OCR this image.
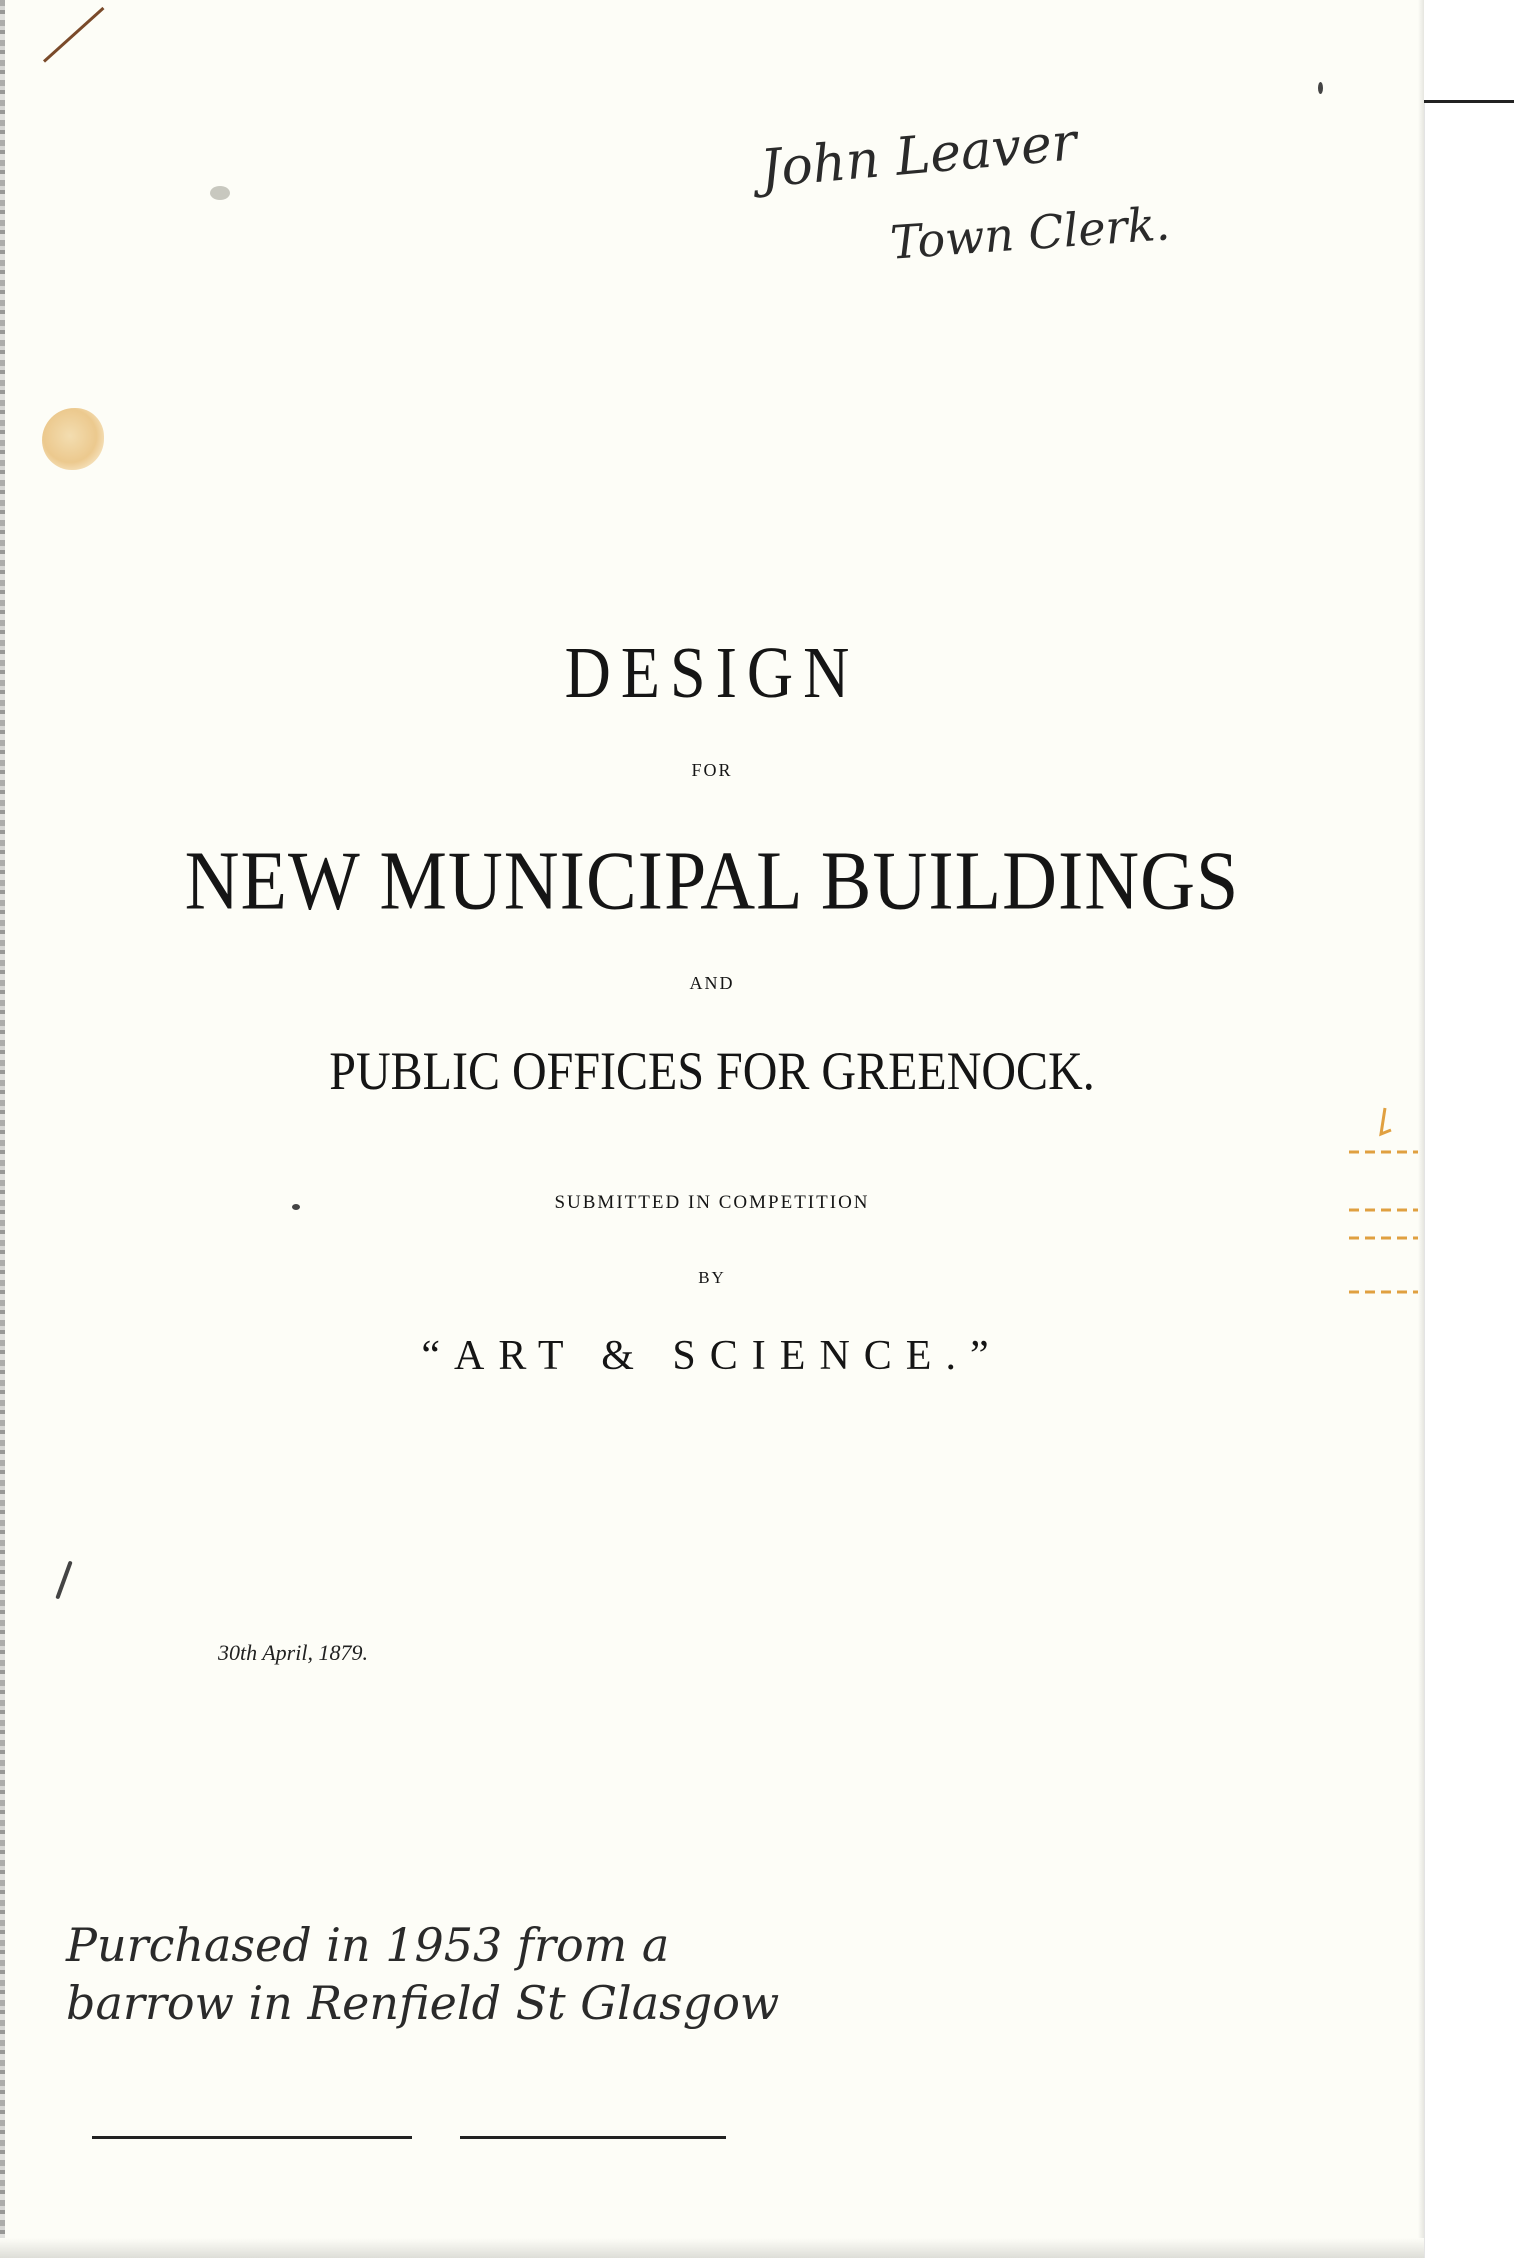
John Leaver
Town Clerk.
DESIGN
FOR
NEW MUNICIPAL BUILDINGS
AND
PUBLIC OFFICES FOR GREENOCK.
SUBMITTED IN COMPETITION
BY
“ART & SCIENCE.”
30th April, 1879.
Purchased in 1953 from a barrow in Renfield St Glasgow
